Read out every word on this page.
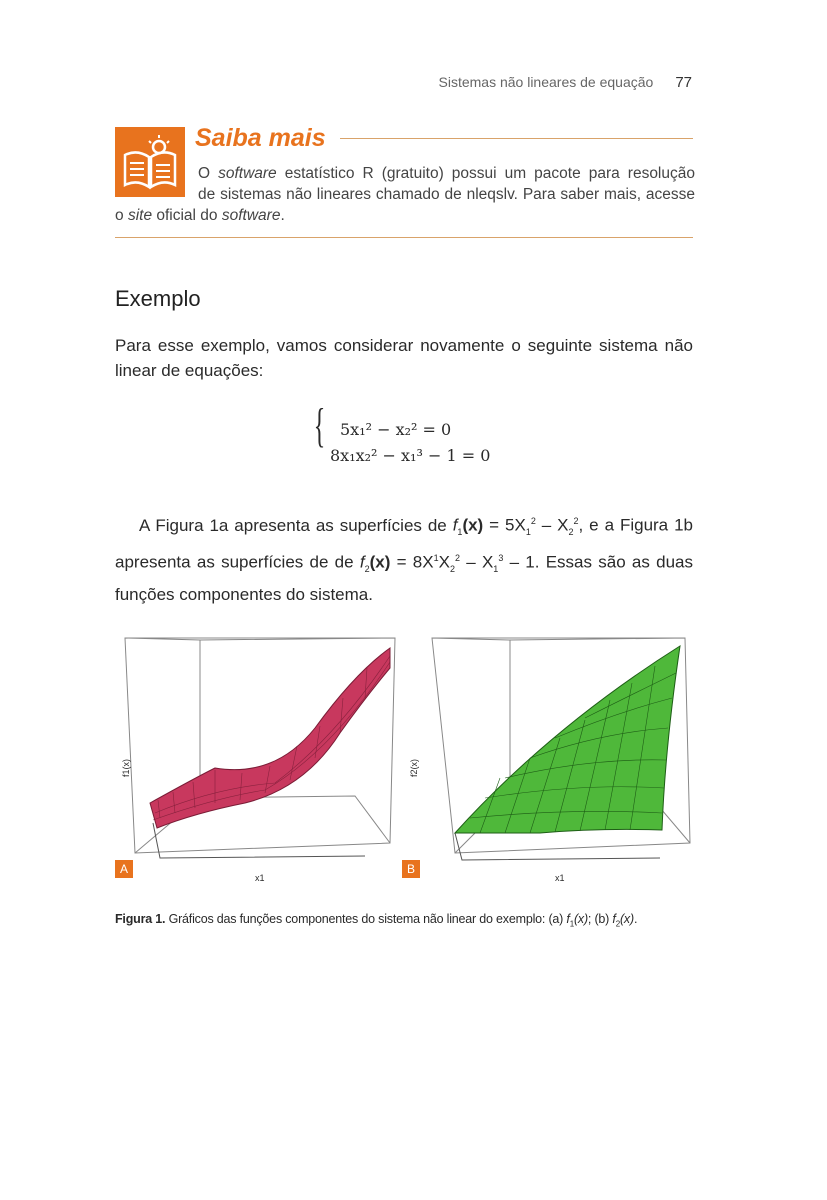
Sistemas não lineares de equação 77
Saiba mais
O software estatístico R (gratuito) possui um pacote para resolução
de sistemas não lineares chamado de nleqslv. Para saber mais, acesse
o site oficial do software.
Exemplo
Para esse exemplo, vamos considerar novamente o seguinte sistema não linear de equações:
{ 5x₁² − x₂² = 0
8x₁x₂² − x₁³ − 1 = 0
A Figura 1a apresenta as superfícies de $f_1(x) = 5X_1^2 - X_2^2$, e a Figura 1b apresenta as superfícies de de $f_2(x) = 8X^1X_2^2 - X_1^3 - 1$. Essas são as duas funções componentes do sistema.
f1(x)
x1
A
f2(x)
x1
B
Figura 1. Gráficos das funções componentes do sistema não linear do exemplo: (a) $f_1(x)$; (b) $f_2(x)$.
